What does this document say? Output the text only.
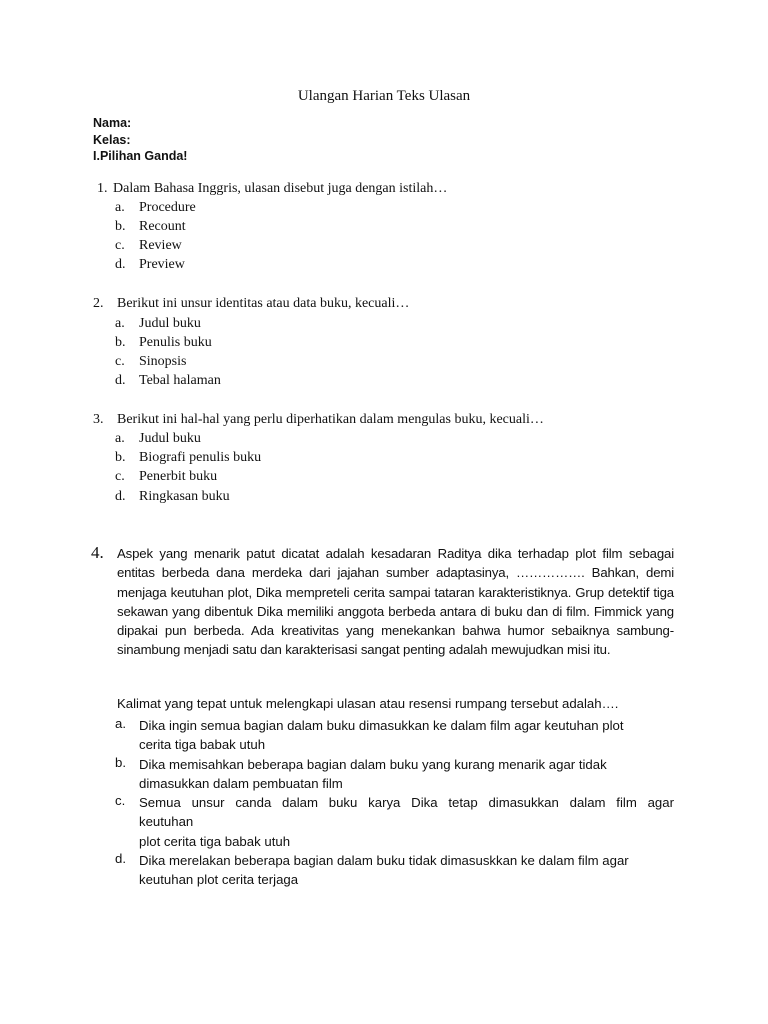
Ulangan Harian Teks Ulasan
Nama:
Kelas:
I.Pilihan Ganda!
1. Dalam Bahasa Inggris, ulasan disebut juga dengan istilah…
a. Procedure
b. Recount
c. Review
d. Preview
2. Berikut ini unsur identitas atau data buku, kecuali…
a. Judul buku
b. Penulis buku
c. Sinopsis
d. Tebal halaman
3. Berikut ini hal-hal yang perlu diperhatikan dalam mengulas buku, kecuali…
a. Judul buku
b. Biografi penulis buku
c. Penerbit buku
d. Ringkasan buku
4. Aspek yang menarik patut dicatat adalah kesadaran Raditya dika terhadap plot film sebagai entitas berbeda dana merdeka dari jajahan sumber adaptasinya, ……………. Bahkan, demi menjaga keutuhan plot, Dika mempreteli cerita sampai tataran karakteristiknya. Grup detektif tiga sekawan yang dibentuk Dika memiliki anggota berbeda antara di buku dan di film. Fimmick yang dipakai pun berbeda. Ada kreativitas yang menekankan bahwa humor sebaiknya sambung-sinambung menjadi satu dan karakterisasi sangat penting adalah mewujudkan misi itu.
Kalimat yang tepat untuk melengkapi ulasan atau resensi rumpang tersebut adalah….
a. Dika ingin semua bagian dalam buku dimasukkan ke dalam film agar keutuhan plot
cerita tiga babak utuh
b. Dika memisahkan beberapa bagian dalam buku yang kurang menarik agar tidak
dimasukkan dalam pembuatan film
c. Semua unsur canda dalam buku karya Dika tetap dimasukkan dalam film agar
keutuhan
plot cerita tiga babak utuh
d. Dika merelakan beberapa bagian dalam buku tidak dimasuskkan ke dalam film agar
keutuhan plot cerita terjaga
